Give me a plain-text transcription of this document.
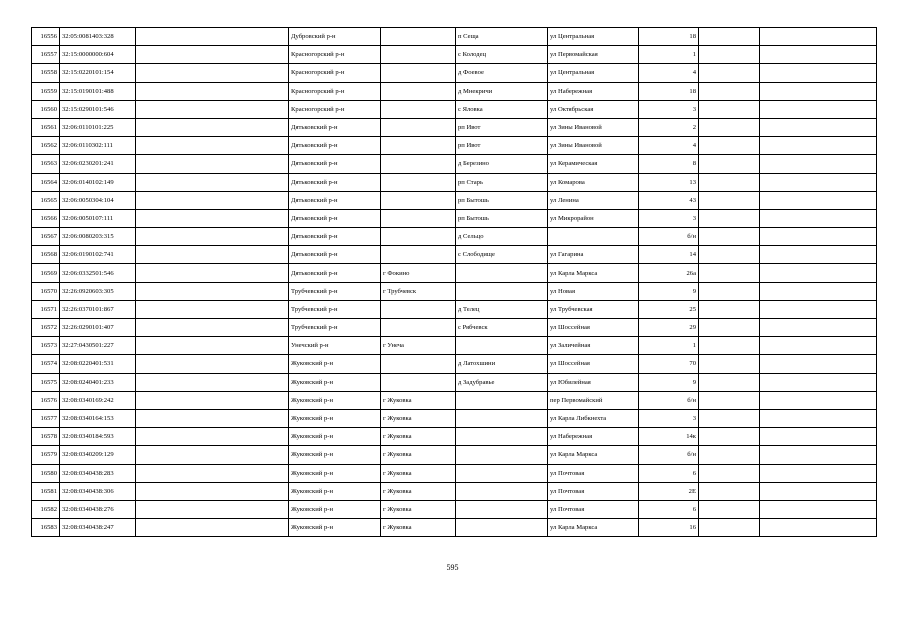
16556	32:05:0081403:328		Дубровский р-н		п Сеща	ул Центральная	18		
16557	32:15:0000000:604		Красногорский р-н		с Колодец	ул Первомайская	1		
16558	32:15:0220101:154		Красногорский р-н		д Фоевое	ул Центральная	4		
16559	32:15:0190101:488		Красногорский р-н		д Мнекричи	ул Набережная	18		
16560	32:15:0290101:546		Красногорский р-н		с Яловка	ул Октябрьская	3		
16561	32:06:0110101:225		Дятьковский р-н		рп Ивот	ул Зины Ивановой	2		
16562	32:06:0110302:111		Дятьковский р-н		рп Ивот	ул Зины Ивановой	4		
16563	32:06:0230201:241		Дятьковский р-н		д Березино	ул Керамическая	8		
16564	32:06:0140102:149		Дятьковский р-н		рп Старь	ул Комарова	13		
16565	32:06:0050304:104		Дятьковский р-н		рп Бытошь	ул Ленина	43		
16566	32:06:0050107:111		Дятьковский р-н		рп Бытошь	ул Микрорайон	3		
16567	32:06:0080203:315		Дятьковский р-н		д Сельцо		б/н		
16568	32:06:0190102:741		Дятьковский р-н		с Слободище	ул Гагарина	14		
16569	32:06:0332501:546		Дятьковский р-н	г Фокино		ул Карла Маркса	26а		
16570	32:26:0920603:305		Трубчевский р-н	г Трубчевск		ул Новая	9		
16571	32:26:0370101:867		Трубчевский р-н		д Телец	ул Трубчевская	25		
16572	32:26:0290101:407		Трубчевский р-н		с Рябчевск	ул Шоссейная	29		
16573	32:27:0430501:227		Унечский р-н	г Унеча		ул Заличейная	1		
16574	32:08:0220401:531		Жуковский р-н		д Латохшини	ул Шоссейная	70		
16575	32:08:0240401:233		Жуковский р-н		д Задубравье	ул Юбилейная	9		
16576	32:08:0340169:242		Жуковский р-н	г Жуковка		пер Первомайский	б/н		
16577	32:08:0340164:153		Жуковский р-н	г Жуковка		ул Карла Либкнехта	3		
16578	32:08:0340184:593		Жуковский р-н	г Жуковка		ул Набережная	14к		
16579	32:08:0340209:129		Жуковский р-н	г Жуковка		ул Карла Маркса	б/н		
16580	32:08:0340438:283		Жуковский р-н	г Жуковка		ул Почтовая	6		
16581	32:08:0340438:306		Жуковский р-н	г Жуковка		ул Почтовая	2Е		
16582	32:08:0340438:276		Жуковский р-н	г Жуковка		ул Почтовая	6		
16583	32:08:0340438:247		Жуковский р-н	г Жуковка		ул Карла Маркса	16		
595
